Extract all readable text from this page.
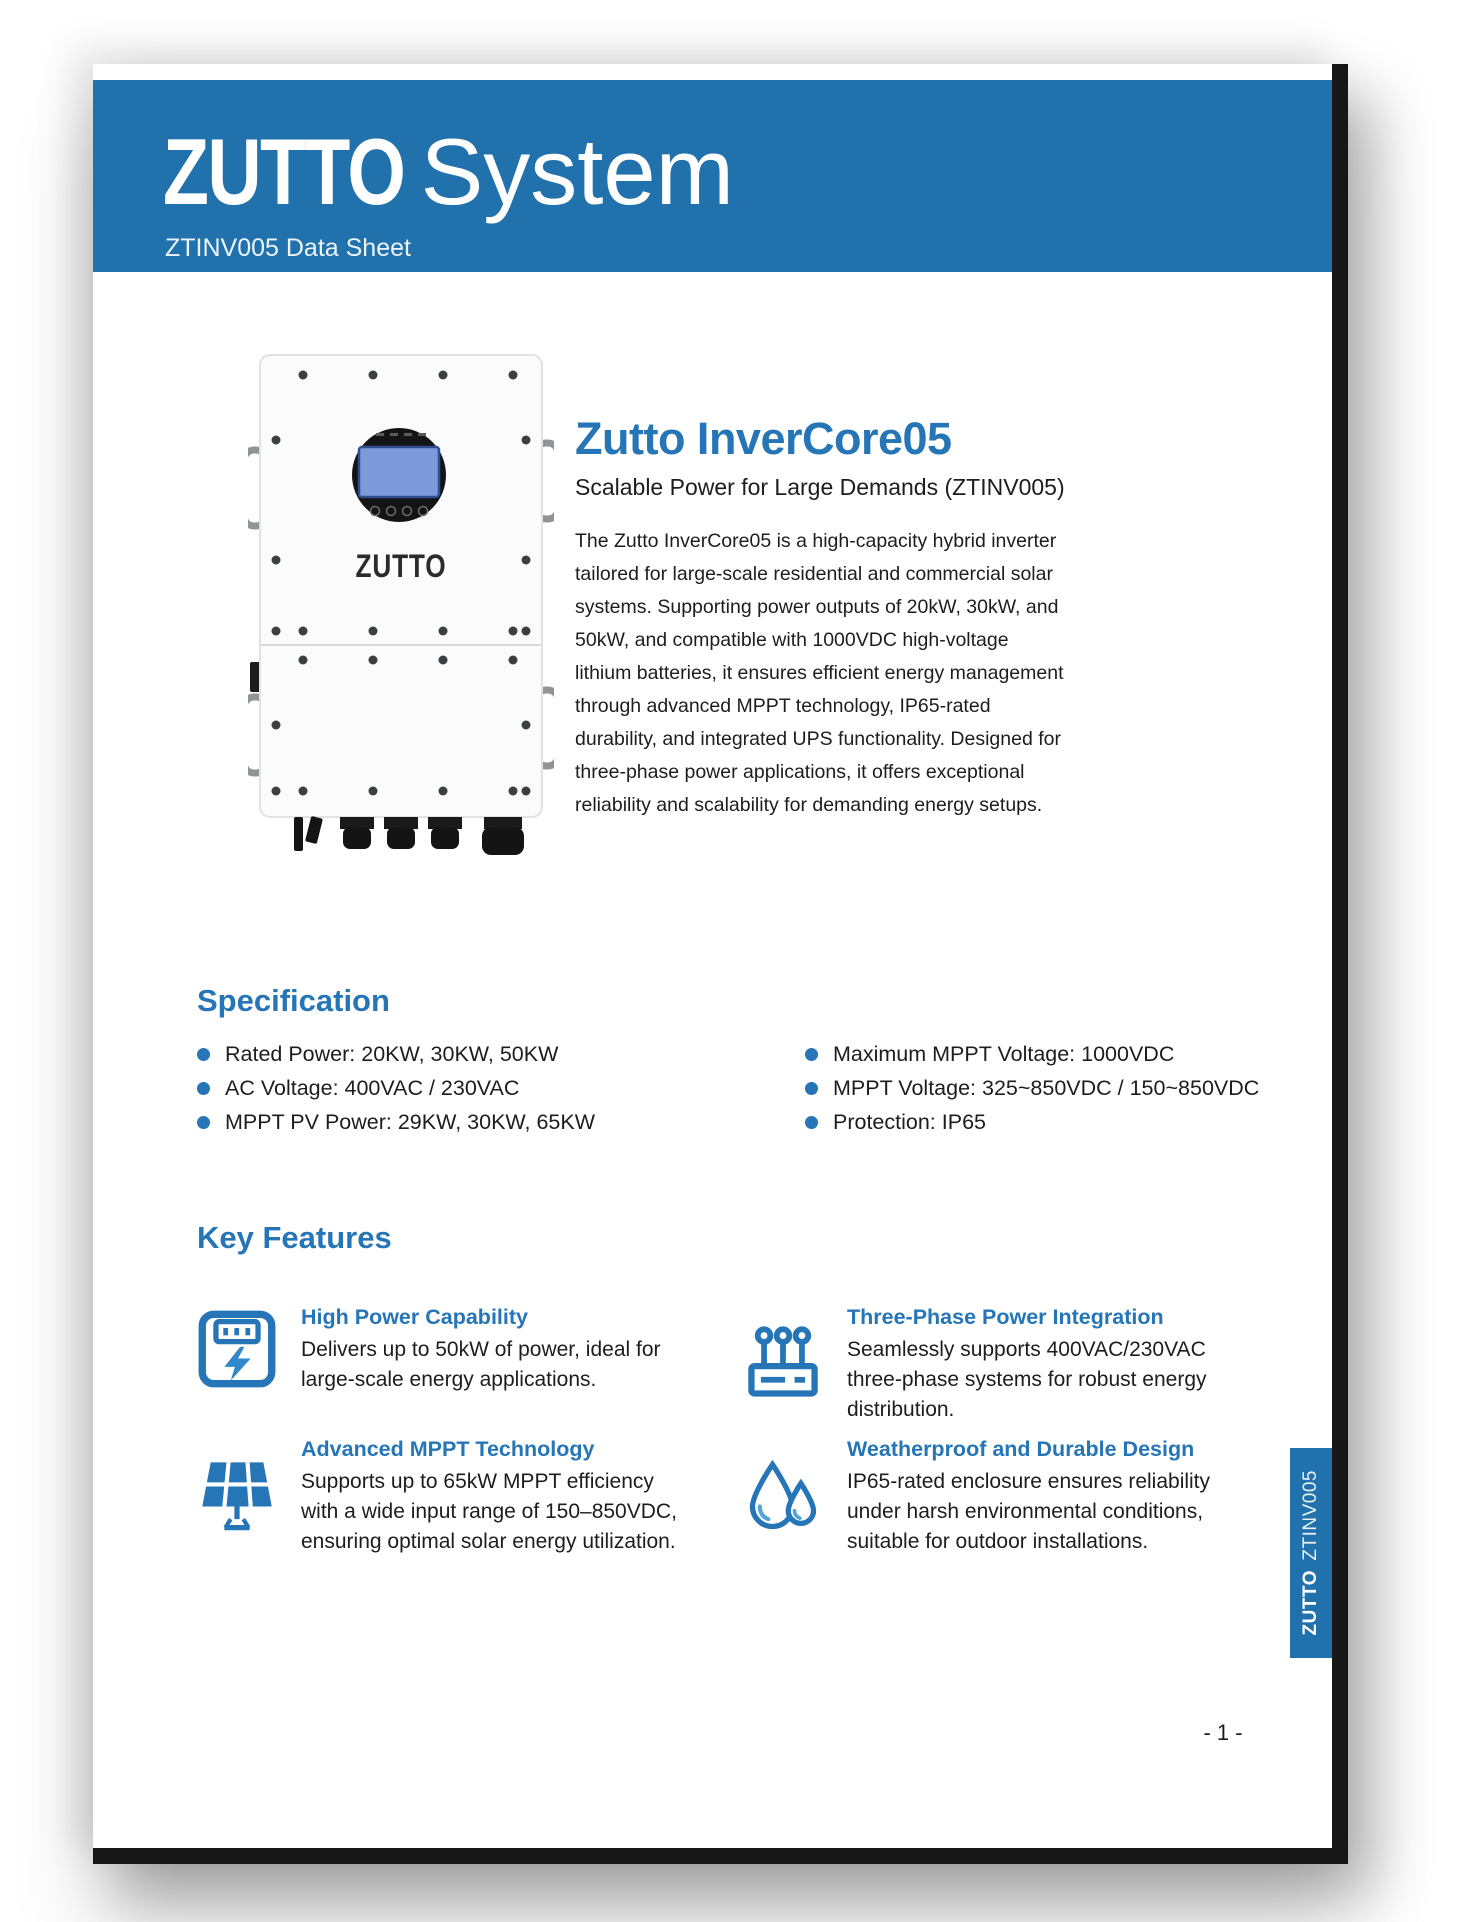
ZUTTO System
ZTINV005 Data Sheet
ZUTTO
Zutto InverCore05
Scalable Power for Large Demands (ZTINV005)
The Zutto InverCore05 is a high-capacity hybrid inverter tailored for large-scale residential and commercial solar systems. Supporting power outputs of 20kW, 30kW, and 50kW, and compatible with 1000VDC high-voltage lithium batteries, it ensures efficient energy management through advanced MPPT technology, IP65-rated durability, and integrated UPS functionality. Designed for three-phase power applications, it offers exceptional reliability and scalability for demanding energy setups.
Specification
Rated Power: 20KW, 30KW, 50KW
AC Voltage: 400VAC / 230VAC
MPPT PV Power: 29KW, 30KW, 65KW
Maximum MPPT Voltage: 1000VDC
MPPT Voltage: 325~850VDC / 150~850VDC
Protection: IP65
Key Features
High Power Capability
Delivers up to 50kW of power, ideal for large-scale energy applications.
Three-Phase Power Integration
Seamlessly supports 400VAC/230VAC three-phase systems for robust energy distribution.
Advanced MPPT Technology
Supports up to 65kW MPPT efficiency with a wide input range of 150–850VDC, ensuring optimal solar energy utilization.
Weatherproof and Durable Design
IP65-rated enclosure ensures reliability under harsh environmental conditions, suitable for outdoor installations.	ZTINV005
ZUTTO
- 1 -
